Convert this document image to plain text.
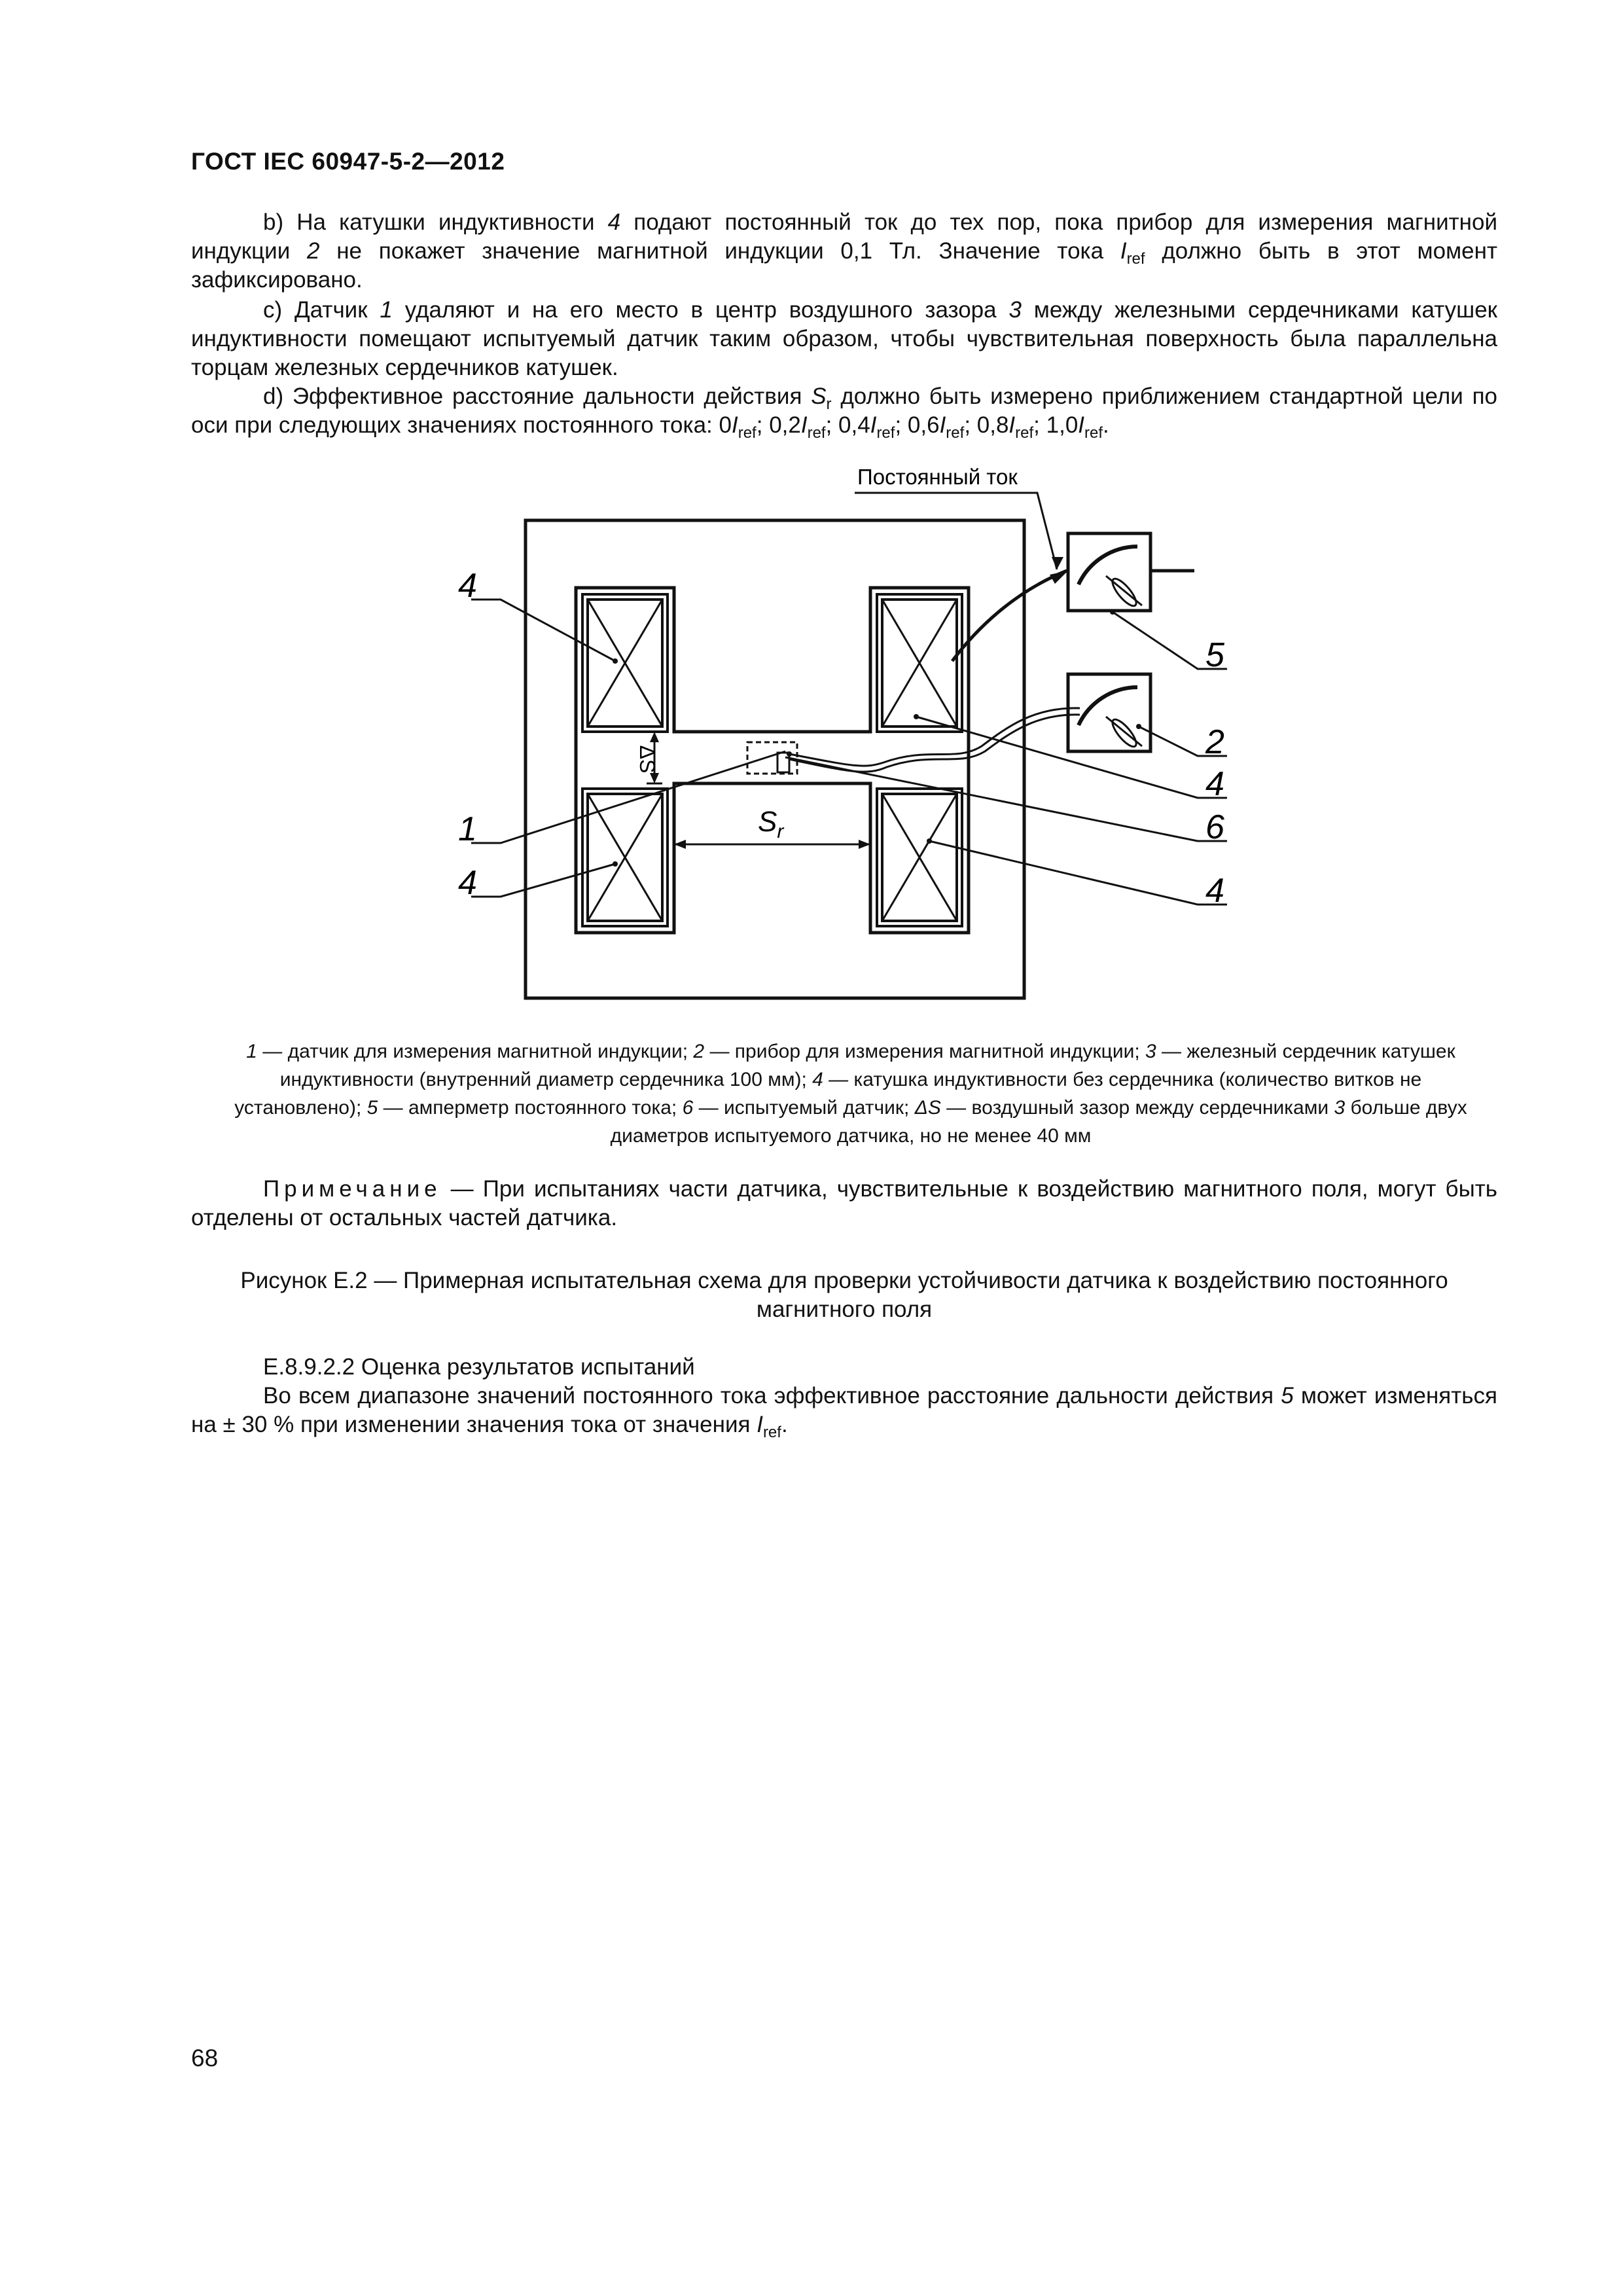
ГОСТ IEC 60947-5-2—2012
b) На катушки индуктивности 4 подают постоянный ток до тех пор, пока прибор для измерения магнитной индукции 2 не покажет значение магнитной индукции 0,1 Тл. Значение тока $I_{ref}$ должно быть в этот момент зафиксировано.
c) Датчик 1 удаляют и на его место в центр воздушного зазора 3 между железными сердечниками катушек индуктивности помещают испытуемый датчик таким образом, чтобы чувствительная поверхность была параллельна торцам железных сердечников катушек.
d) Эффективное расстояние дальности действия $S_r$ должно быть измерено приближением стандартной цели по оси при следующих значениях постоянного тока: $0I_{ref}$; $0,2I_{ref}$; $0,4I_{ref}$; $0,6I_{ref}$; $0,8I_{ref}$; $1,0I_{ref}$.
Постоянный ток
ΔS
$S_r$
4
1
4
5
2
4
6
4
1 — датчик для измерения магнитной индукции; 2 — прибор для измерения магнитной индукции; 3 — железный сердечник катушек индуктивности (внутренний диаметр сердечника 100 мм); 4 — катушка индуктивности без сердечника (количество витков не установлено); 5 — амперметр постоянного тока; 6 — испытуемый датчик; ΔS — воздушный зазор между сердечниками 3 больше двух диаметров испытуемого датчика, но не менее 40 мм
Примечание — При испытаниях части датчика, чувствительные к воздействию магнитного поля, могут быть отделены от остальных частей датчика.
Рисунок Е.2 — Примерная испытательная схема для проверки устойчивости датчика к воздействию постоянного магнитного поля
Е.8.9.2.2 Оценка результатов испытаний
Во всем диапазоне значений постоянного тока эффективное расстояние дальности действия 5 может изменяться на ± 30 % при изменении значения тока от значения $I_{ref}$.
68
